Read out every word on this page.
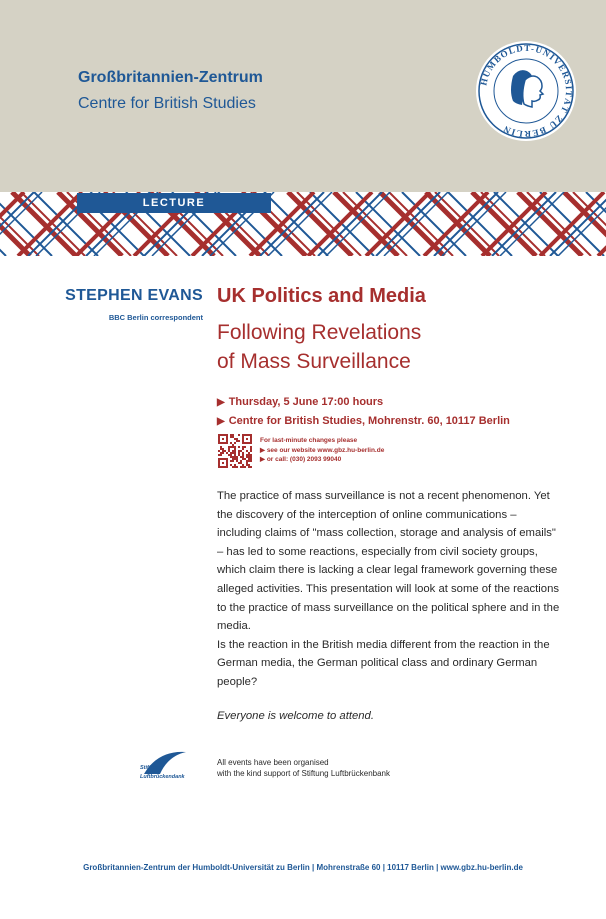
Großbritannien-Zentrum
Centre for British Studies
HUMBOLDT-UNIVERSITÄT ZU BERLIN
LECTURE
STEPHEN EVANS
BBC Berlin correspondent
UK Politics and Media
Following Revelations
of Mass Surveillance
▶ Thursday, 5 June 17:00 hours
▶ Centre for British Studies, Mohrenstr. 60, 10117 Berlin
For last-minute changes please
▶ see our website www.gbz.hu-berlin.de
▶ or call: (030) 2093 99040

The practice of mass surveillance is not a recent phenomenon. Yet the discovery of the interception of online communications – including claims of "mass collection, storage and analysis of emails" – has led to some reactions, especially from civil society groups, which claim there is lacking a clear legal framework governing these alleged activities. This presentation will look at some of the reactions to the practice of mass surveillance on the political sphere and in the media.

Is the reaction in the British media different from the reaction in the German media, the German political class and ordinary German people?

Everyone is welcome to attend.
Stiftung
Luftbrückendank
All events have been organised
with the kind support of Stiftung Luftbrückenbank
Großbritannien-Zentrum der Humboldt-Universität zu Berlin | Mohrenstraße 60 | 10117 Berlin | www.gbz.hu-berlin.de
